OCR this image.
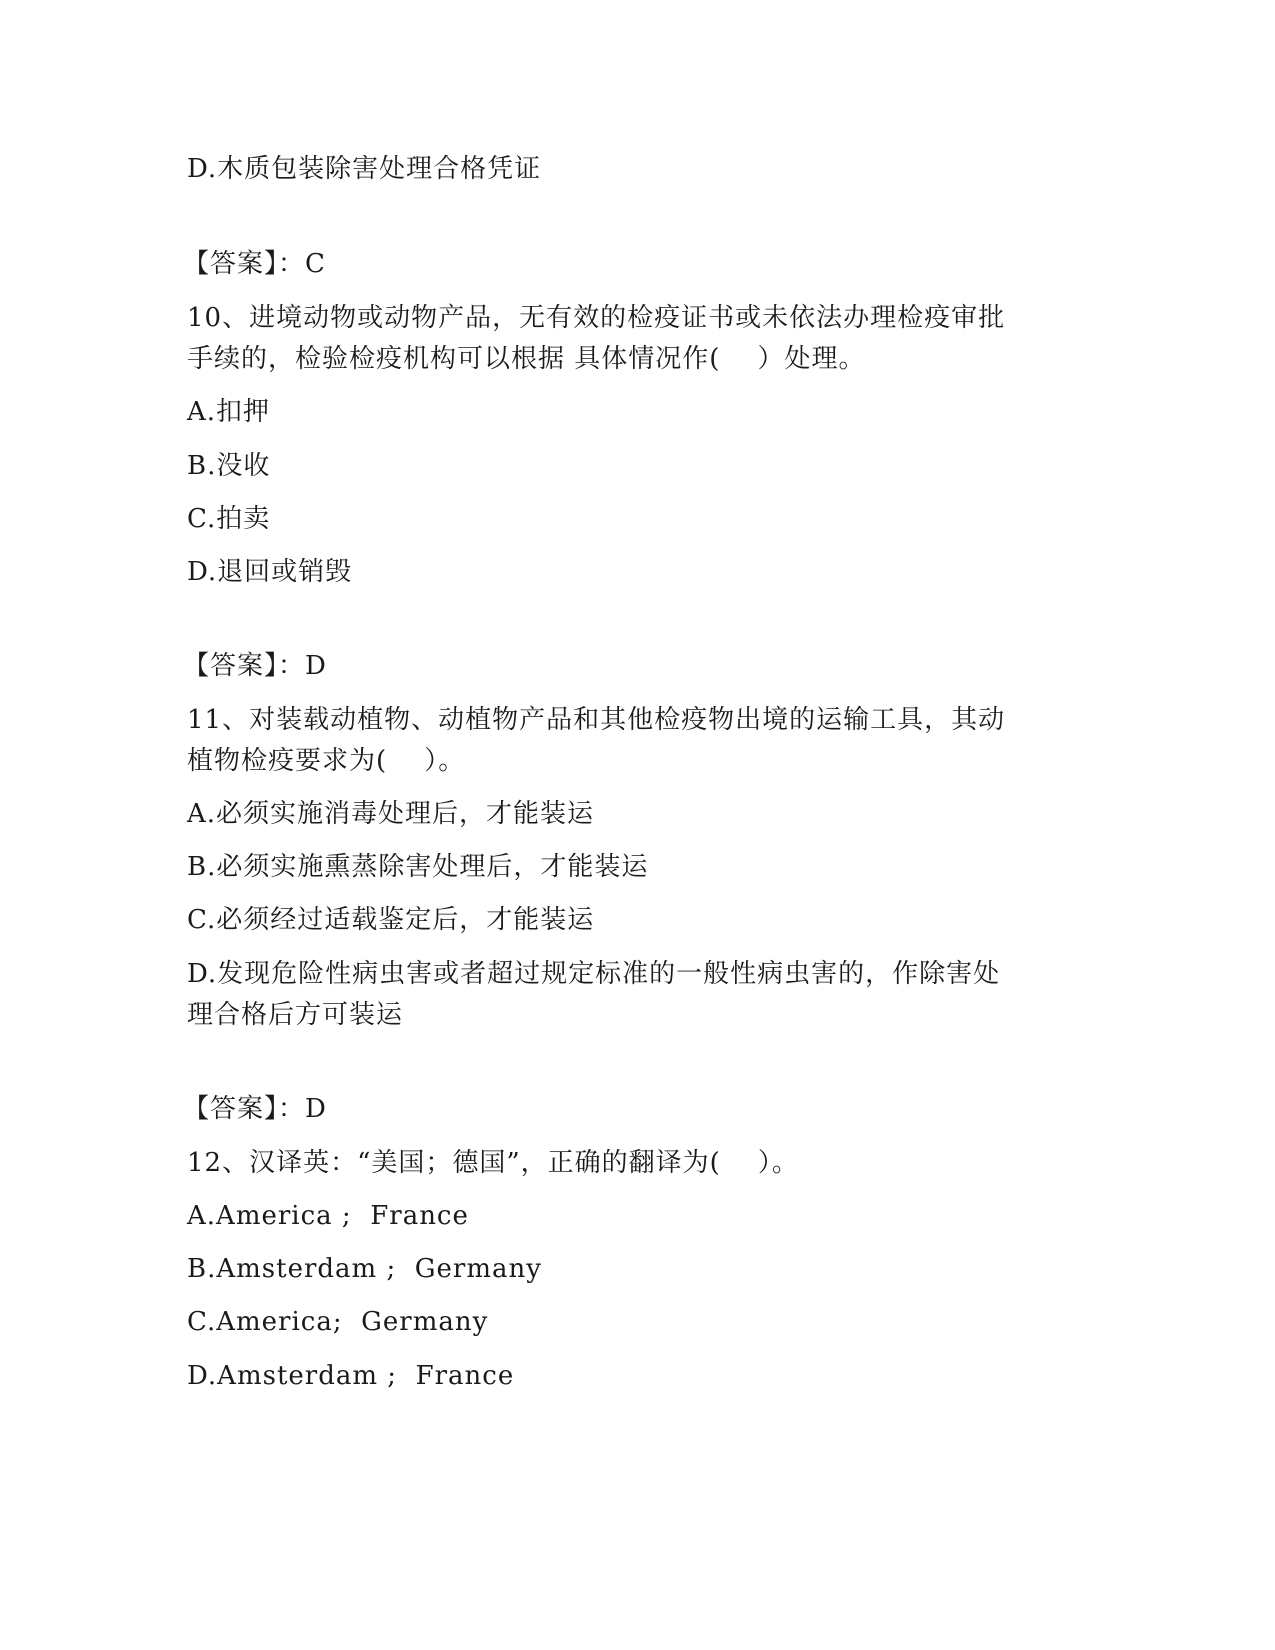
D.木质包装除害处理合格凭证
【答案】：C
10、进境动物或动物产品，无有效的检疫证书或未依法办理检疫审批
手续的，检验检疫机构可以根据 具体情况作(    ）处理。
A.扣押
B.没收
C.拍卖
D.退回或销毁
【答案】：D
11、对装载动植物、动植物产品和其他检疫物出境的运输工具，其动
植物检疫要求为(    ）。
A.必须实施消毒处理后，才能装运
B.必须实施熏蒸除害处理后，才能装运
C.必须经过适载鉴定后，才能装运
D.发现危险性病虫害或者超过规定标准的一般性病虫害的，作除害处
理合格后方可装运
【答案】：D
12、汉译英：“美国；德国”，正确的翻译为(    ）。
A.America ;  France
B.Amsterdam ;  Germany
C.America;  Germany
D.Amsterdam ;  France
